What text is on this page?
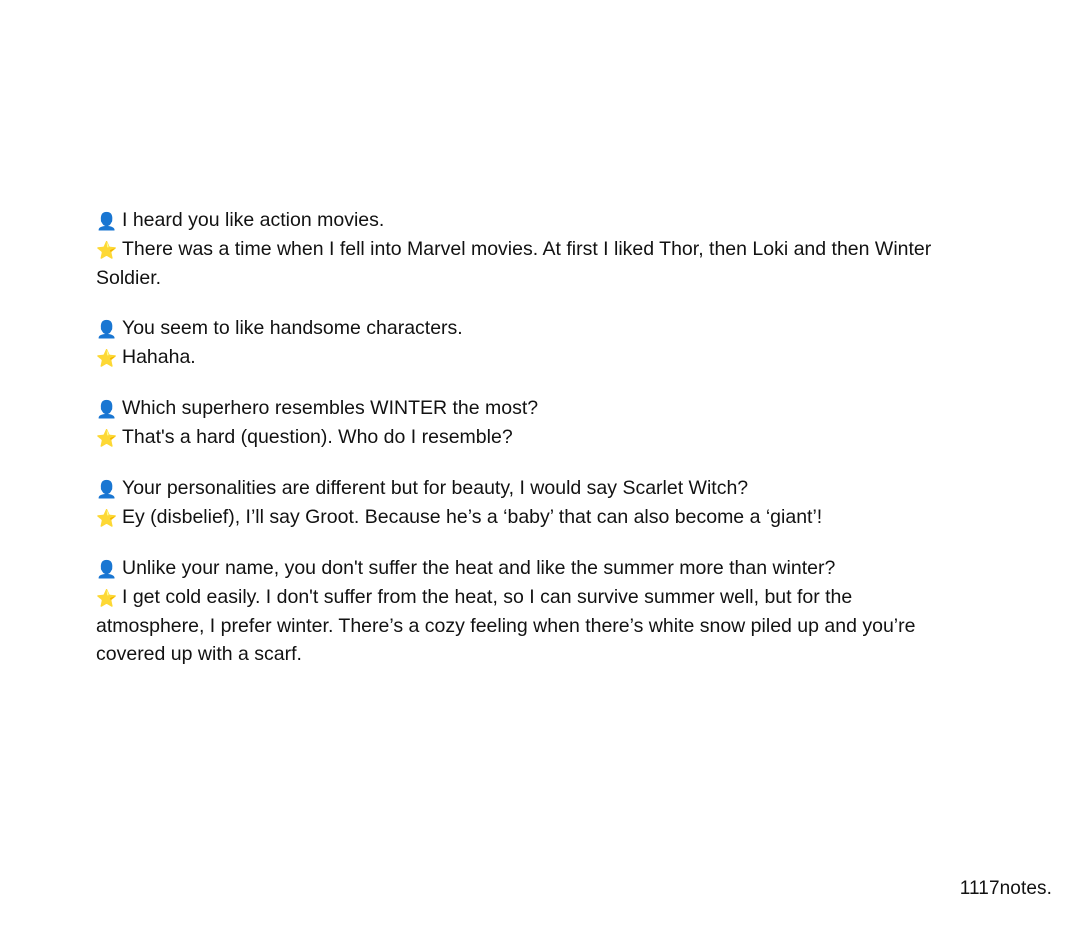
👤 I heard you like action movies.

⭐ There was a time when I fell into Marvel movies. At first I liked Thor, then Loki and then Winter Soldier.

👤 You seem to like handsome characters.

⭐ Hahaha.

👤 Which superhero resembles WINTER the most?

⭐ That's a hard (question). Who do I resemble?

👤 Your personalities are different but for beauty, I would say Scarlet Witch?

⭐ Ey (disbelief), I’ll say Groot. Because he’s a ‘baby’ that can also become a ‘giant’!

👤 Unlike your name, you don't suffer the heat and like the summer more than winter?

⭐ I get cold easily. I don't suffer from the heat, so I can survive summer well, but for the atmosphere, I prefer winter. There’s a cozy feeling when there’s white snow piled up and you’re covered up with a scarf.

1117notes.
